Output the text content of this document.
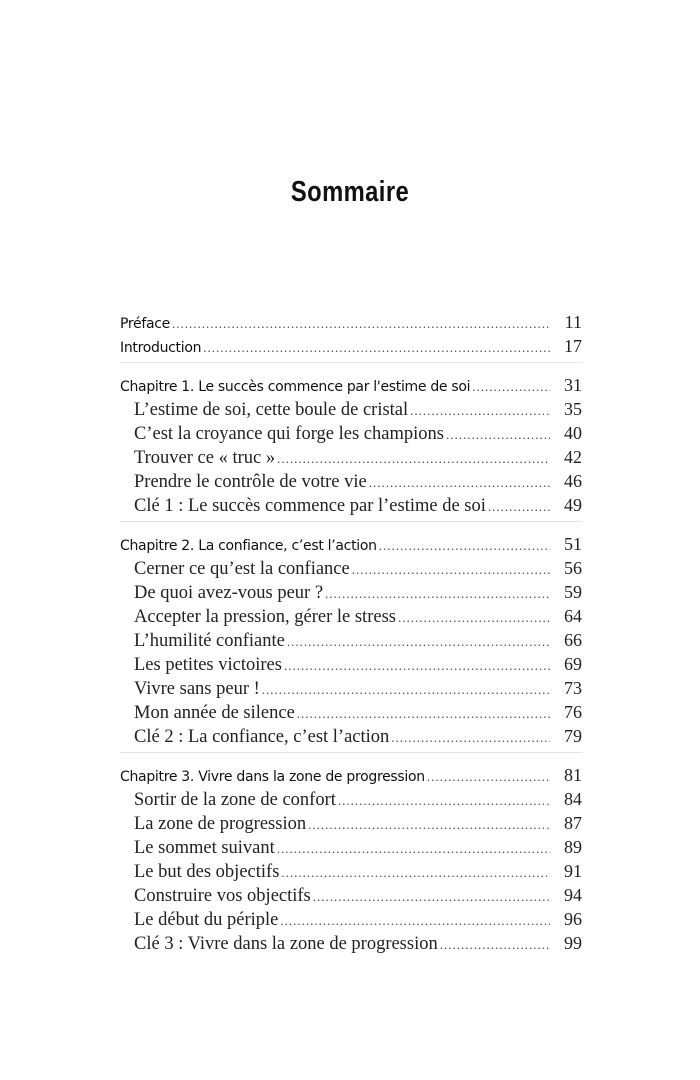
Sommaire
Préface .....	11
Introduction .....	17
Chapitre 1. Le succès commence par l'estime de soi .....	31
L’estime de soi, cette boule de cristal .....	35
C’est la croyance qui forge les champions .....	40
Trouver ce « truc » .....	42
Prendre le contrôle de votre vie .....	46
Clé 1 : Le succès commence par l’estime de soi .....	49
Chapitre 2. La confiance, c’est l’action .....	51
Cerner ce qu’est la confiance .....	56
De quoi avez-vous peur ? .....	59
Accepter la pression, gérer le stress .....	64
L’humilité confiante .....	66
Les petites victoires .....	69
Vivre sans peur ! .....	73
Mon année de silence .....	76
Clé 2 : La confiance, c’est l’action .....	79
Chapitre 3. Vivre dans la zone de progression .....	81
Sortir de la zone de confort .....	84
La zone de progression .....	87
Le sommet suivant .....	89
Le but des objectifs .....	91
Construire vos objectifs .....	94
Le début du périple .....	96
Clé 3 : Vivre dans la zone de progression .....	99
